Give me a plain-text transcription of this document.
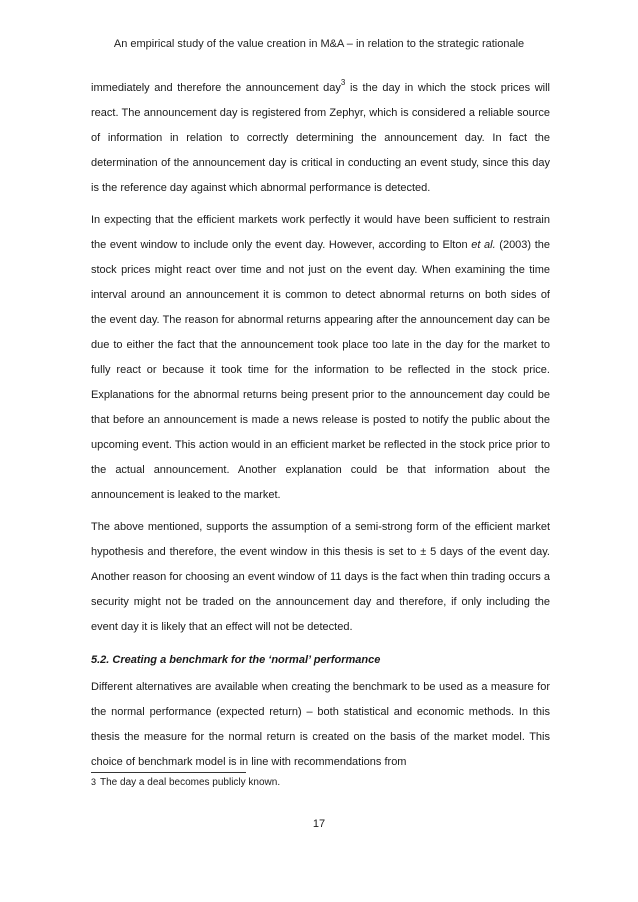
An empirical study of the value creation in M&A – in relation to the strategic rationale

immediately and therefore the announcement day$^3$ is the day in which the stock prices will react. The announcement day is registered from Zephyr, which is considered a reliable source of information in relation to correctly determining the announcement day. In fact the determination of the announcement day is critical in conducting an event study, since this day is the reference day against which abnormal performance is detected.

In expecting that the efficient markets work perfectly it would have been sufficient to restrain the event window to include only the event day. However, according to Elton et al. (2003) the stock prices might react over time and not just on the event day. When examining the time interval around an announcement it is common to detect abnormal returns on both sides of the event day. The reason for abnormal returns appearing after the announcement day can be due to either the fact that the announcement took place too late in the day for the market to fully react or because it took time for the information to be reflected in the stock price. Explanations for the abnormal returns being present prior to the announcement day could be that before an announcement is made a news release is posted to notify the public about the upcoming event. This action would in an efficient market be reflected in the stock price prior to the actual announcement. Another explanation could be that information about the announcement is leaked to the market.

The above mentioned, supports the assumption of a semi-strong form of the efficient market hypothesis and therefore, the event window in this thesis is set to ± 5 days of the event day. Another reason for choosing an event window of 11 days is the fact when thin trading occurs a security might not be traded on the announcement day and therefore, if only including the event day it is likely that an effect will not be detected.

5.2. Creating a benchmark for the ‘normal’ performance

Different alternatives are available when creating the benchmark to be used as a measure for the normal performance (expected return) – both statistical and economic methods. In this thesis the measure for the normal return is created on the basis of the market model. This choice of benchmark model is in line with recommendations from

3 The day a deal becomes publicly known.
17
